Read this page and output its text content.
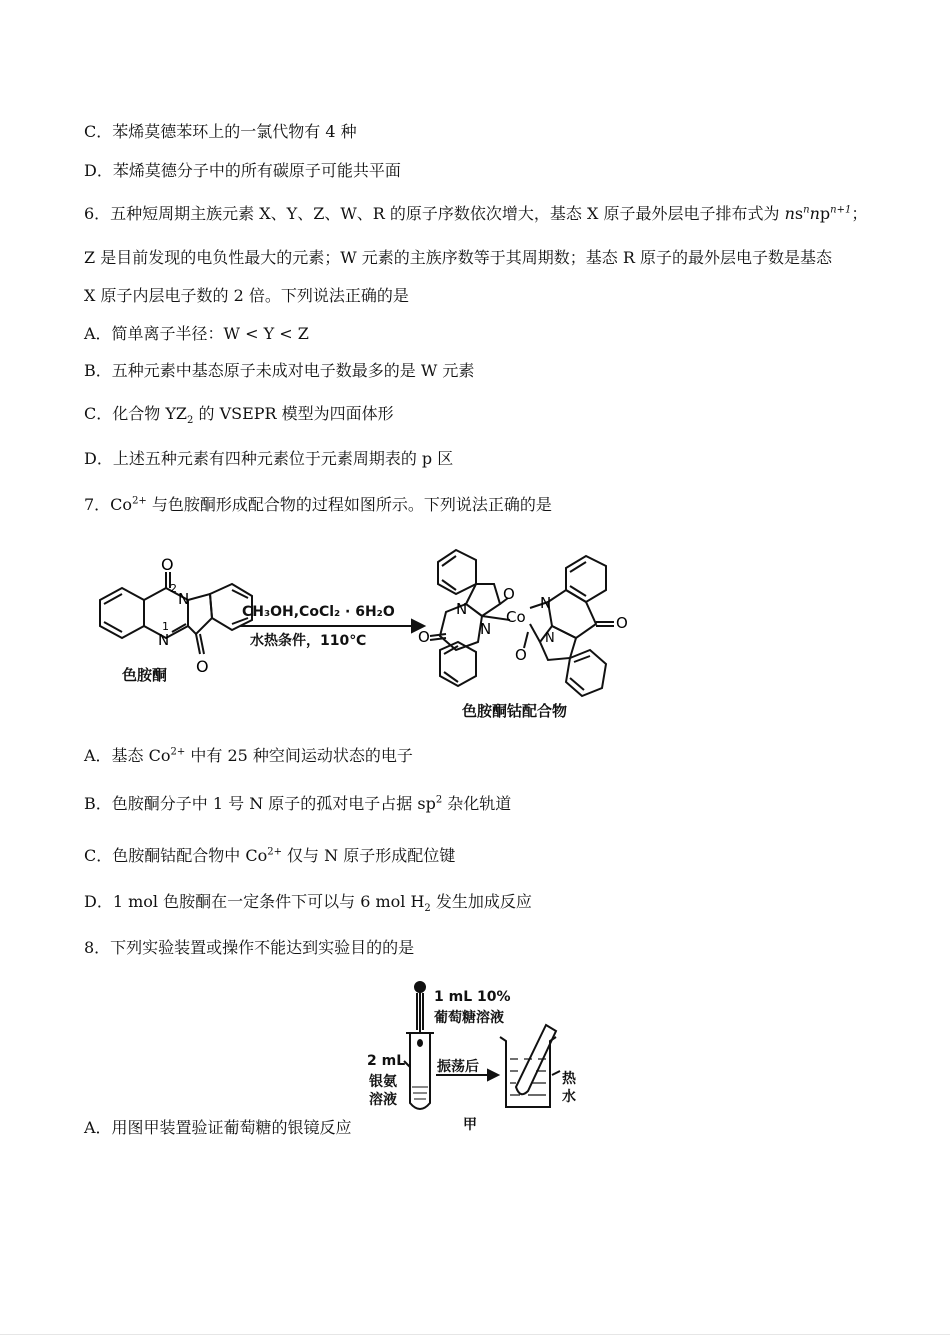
C．苯烯莫德苯环上的一氯代物有 4 种
D．苯烯莫德分子中的所有碳原子可能共平面
6．五种短周期主族元素 X、Y、Z、W、R 的原子序数依次增大，基态 X 原子最外层电子排布式为 $ns^nnp^{n+1}$；
Z 是目前发现的电负性最大的元素；W 元素的主族序数等于其周期数；基态 R 原子的最外层电子数是基态
X 原子内层电子数的 2 倍。下列说法正确的是
A．简单离子半径：W < Y < Z
B．五种元素中基态原子未成对电子数最多的是 W 元素
C．化合物 $YZ_2$ 的 VSEPR 模型为四面体形
D．上述五种元素有四种元素位于元素周期表的 p 区
7．$Co^{2+}$ 与色胺酮形成配合物的过程如图所示。下列说法正确的是
O
O
N
N
1
2	O
N
N
O
Co
N
O
O
N
CH₃OH,CoCl₂ · 6H₂O
水热条件，110℃
色胺酮
色胺酮钴配合物
A．基态 $Co^{2+}$ 中有 25 种空间运动状态的电子
B．色胺酮分子中 1 号 N 原子的孤对电子占据 $sp^2$ 杂化轨道
C．色胺酮钴配合物中 $Co^{2+}$ 仅与 N 原子形成配位键
D．1 mol 色胺酮在一定条件下可以与 6 mol $H_2$ 发生加成反应
8．下列实验装置或操作不能达到实验目的的是
1 mL 10%
葡萄糖溶液
2 mL
银氨
溶液
振荡后
热
水
甲
A．用图甲装置验证葡萄糖的银镜反应
